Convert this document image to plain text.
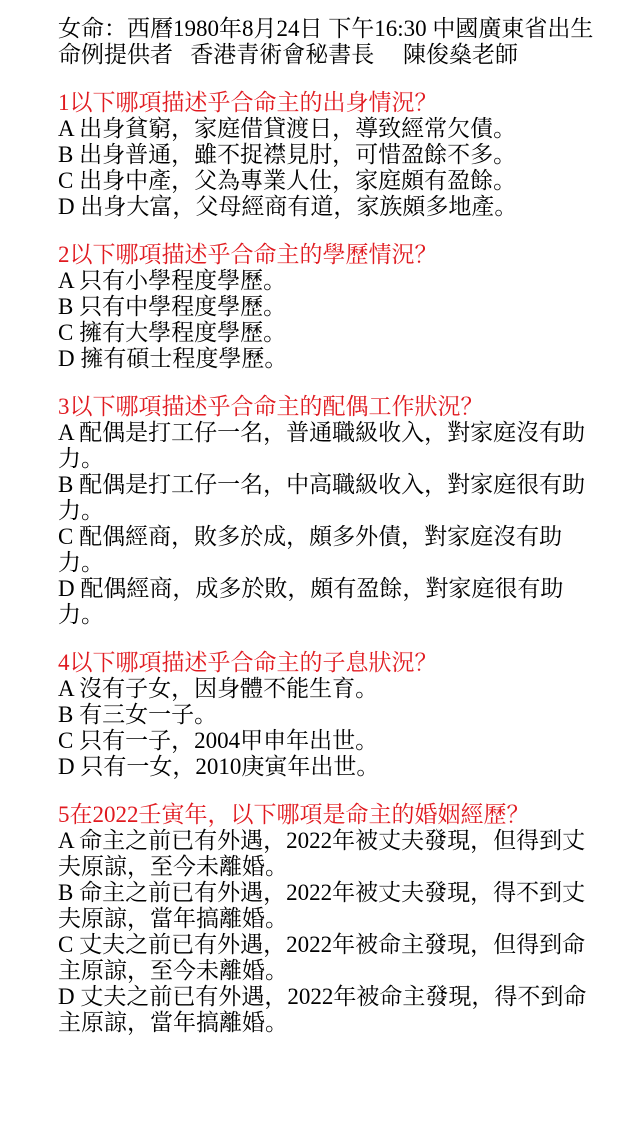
女命：西曆1980年8月24日 下午16:30 中國廣東省出生
命例提供者   香港青術會秘書長     陳俊燊老師
1以下哪項描述乎合命主的出身情況？
A 出身貧窮，家庭借貸渡日，導致經常欠債。
B 出身普通，雖不捉襟見肘，可惜盈餘不多。
C 出身中產，父為專業人仕，家庭頗有盈餘。
D 出身大富，父母經商有道，家族頗多地產。
2以下哪項描述乎合命主的學歷情況？
A 只有小學程度學歷。
B 只有中學程度學歷。
C 擁有大學程度學歷。
D 擁有碩士程度學歷。
3以下哪項描述乎合命主的配偶工作狀況？
A 配偶是打工仔一名，普通職級收入，對家庭沒有助力。
B 配偶是打工仔一名，中高職級收入，對家庭很有助力。
C 配偶經商，敗多於成，頗多外債，對家庭沒有助力。
D 配偶經商，成多於敗，頗有盈餘，對家庭很有助力。
4以下哪項描述乎合命主的子息狀況？
A 沒有子女，因身體不能生育。
B 有三女一子。
C 只有一子，2004甲申年出世。
D 只有一女，2010庚寅年出世。
5在2022壬寅年，以下哪項是命主的婚姻經歷？
A 命主之前已有外遇，2022年被丈夫發現，但得到丈夫原諒，至今未離婚。
B 命主之前已有外遇，2022年被丈夫發現，得不到丈夫原諒，當年搞離婚。
C 丈夫之前已有外遇，2022年被命主發現，但得到命主原諒，至今未離婚。
D 丈夫之前已有外遇，2022年被命主發現，得不到命主原諒，當年搞離婚。
